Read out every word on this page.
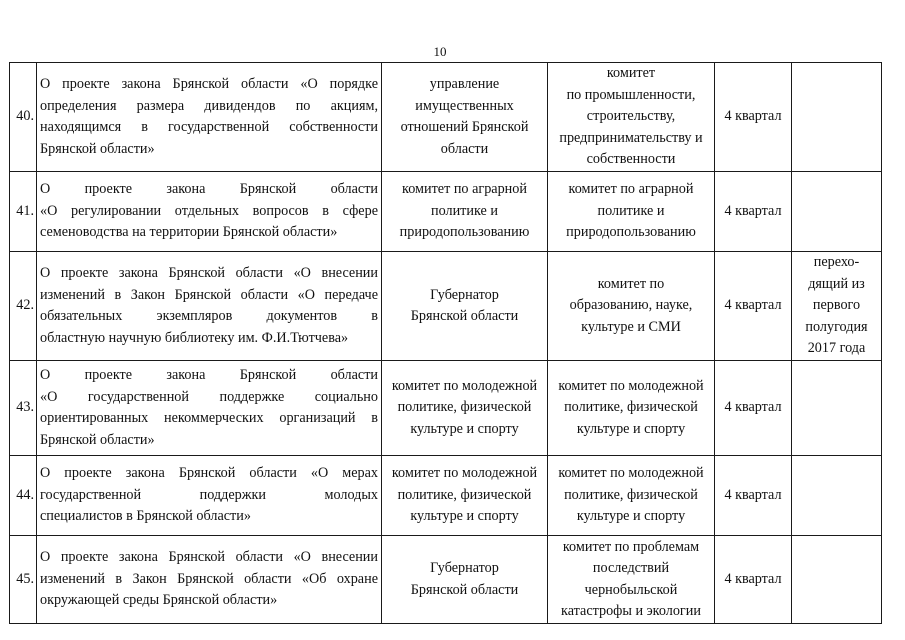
10
40.	О проекте закона Брянской области «О порядке
определения размера дивидендов по акциям,
находящимся в государственной собственности
Брянской области»	управление
имущественных
отношений Брянской
области	комитет
по промышленности,
строительству,
предпринимательству и
собственности	4 квартал	
41.	О проекте закона Брянской области
«О регулировании отдельных вопросов в сфере
семеноводства на территории Брянской области»	комитет по аграрной
политике и
природопользованию	комитет по аграрной
политике и
природопользованию	4 квартал	
42.	О проекте закона Брянской области «О внесении
изменений в Закон Брянской области «О передаче
обязательных экземпляров документов в
областную научную библиотеку им. Ф.И.Тютчева»	Губернатор
Брянской области	комитет по
образованию, науке,
культуре и СМИ	4 квартал	перехо-
дящий из
первого
полугодия
2017 года

43.	О проекте закона Брянской области
«О государственной поддержке социально
ориентированных некоммерческих организаций в
Брянской области»	комитет по молодежной
политике, физической
культуре и спорту	комитет по молодежной
политике, физической
культуре и спорту	4 квартал	
44.	О проекте закона Брянской области «О мерах
государственной поддержки молодых
специалистов в Брянской области»	комитет по молодежной
политике, физической
культуре и спорту	комитет по молодежной
политике, физической
культуре и спорту	4 квартал	
45.	О проекте закона Брянской области «О внесении
изменений в Закон Брянской области «Об охране
окружающей среды Брянской области»	Губернатор
Брянской области	комитет по проблемам
последствий
чернобыльской
катастрофы и экологии	4 квартал	
